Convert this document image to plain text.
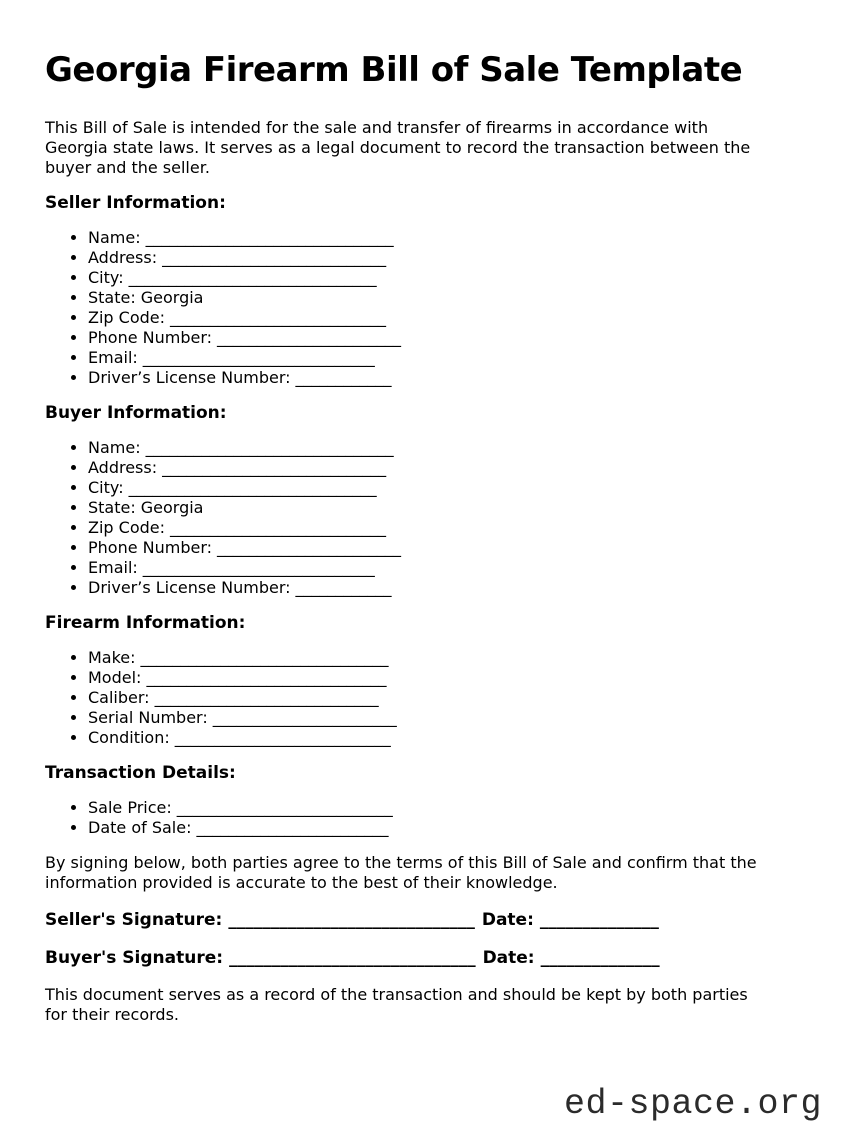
Georgia Firearm Bill of Sale Template

This Bill of Sale is intended for the sale and transfer of firearms in accordance with
Georgia state laws. It serves as a legal document to record the transaction between the
buyer and the seller.

Seller Information:
• Name: _______________________________
• Address: ____________________________
• City: _______________________________
• State: Georgia
• Zip Code: ___________________________
• Phone Number: _______________________
• Email: _____________________________
• Driver’s License Number: ____________
Buyer Information:
• Name: _______________________________
• Address: ____________________________
• City: _______________________________
• State: Georgia
• Zip Code: ___________________________
• Phone Number: _______________________
• Email: _____________________________
• Driver’s License Number: ____________
Firearm Information:
• Make: _______________________________
• Model: ______________________________
• Caliber: ____________________________
• Serial Number: _______________________
• Condition: ___________________________
Transaction Details:
• Sale Price: ___________________________
• Date of Sale: ________________________

By signing below, both parties agree to the terms of this Bill of Sale and confirm that the
information provided is accurate to the best of their knowledge.

Seller's Signature: _____________________________ Date: ______________

Buyer's Signature: _____________________________ Date: ______________

This document serves as a record of the transaction and should be kept by both parties
for their records.

ed-space.org
